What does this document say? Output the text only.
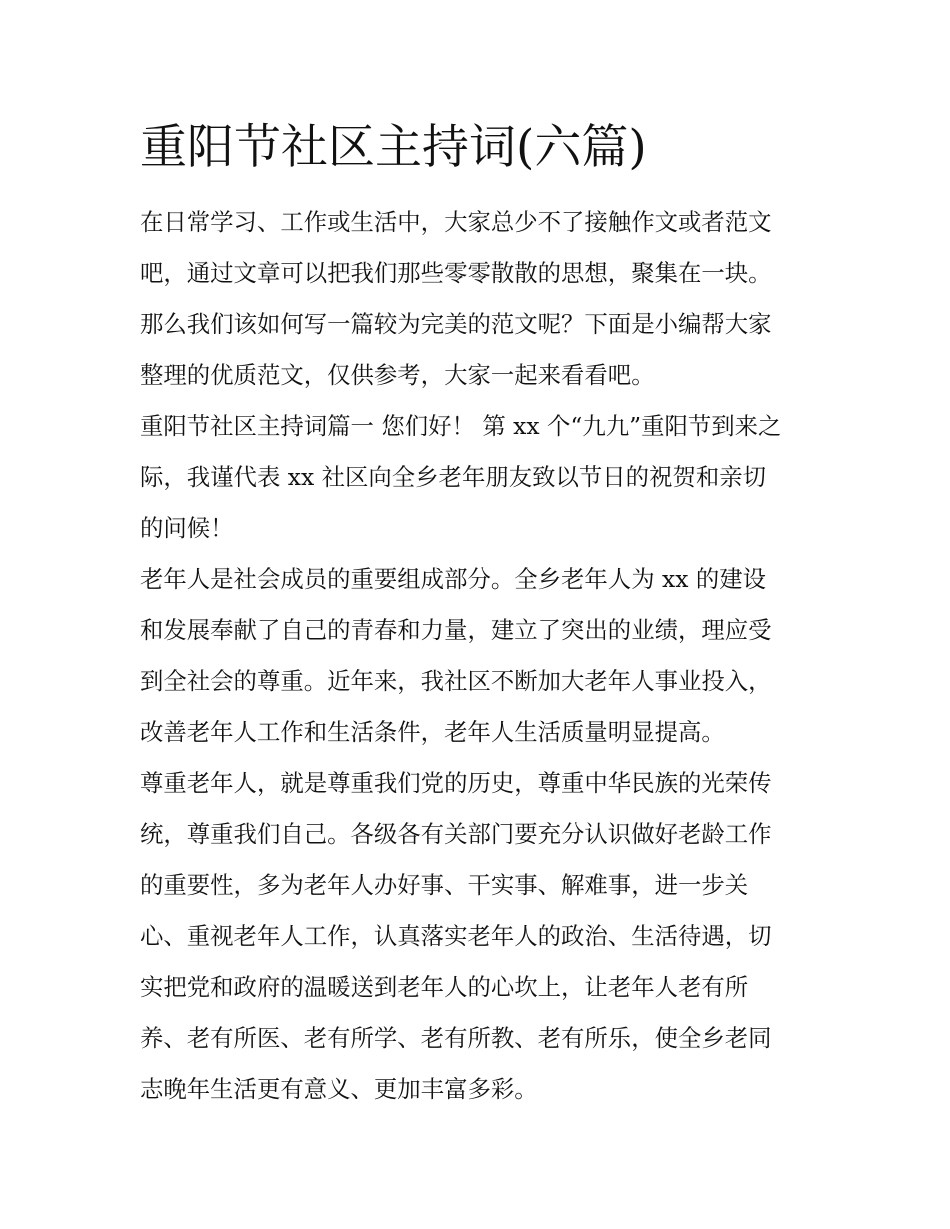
重阳节社区主持词(六篇)
在日常学习、工作或生活中，大家总少不了接触作文或者范文
吧，通过文章可以把我们那些零零散散的思想，聚集在一块。
那么我们该如何写一篇较为完美的范文呢？下面是小编帮大家
整理的优质范文，仅供参考，大家一起来看看吧。
重阳节社区主持词篇一 您们好！ 第 xx 个“九九”重阳节到来之
际，我谨代表 xx 社区向全乡老年朋友致以节日的祝贺和亲切
的问候！
老年人是社会成员的重要组成部分。全乡老年人为 xx 的建设
和发展奉献了自己的青春和力量，建立了突出的业绩，理应受
到全社会的尊重。近年来，我社区不断加大老年人事业投入，
改善老年人工作和生活条件，老年人生活质量明显提高。
尊重老年人，就是尊重我们党的历史，尊重中华民族的光荣传
统，尊重我们自己。各级各有关部门要充分认识做好老龄工作
的重要性，多为老年人办好事、干实事、解难事，进一步关
心、重视老年人工作，认真落实老年人的政治、生活待遇，切
实把党和政府的温暖送到老年人的心坎上，让老年人老有所
养、老有所医、老有所学、老有所教、老有所乐，使全乡老同
志晚年生活更有意义、更加丰富多彩。
